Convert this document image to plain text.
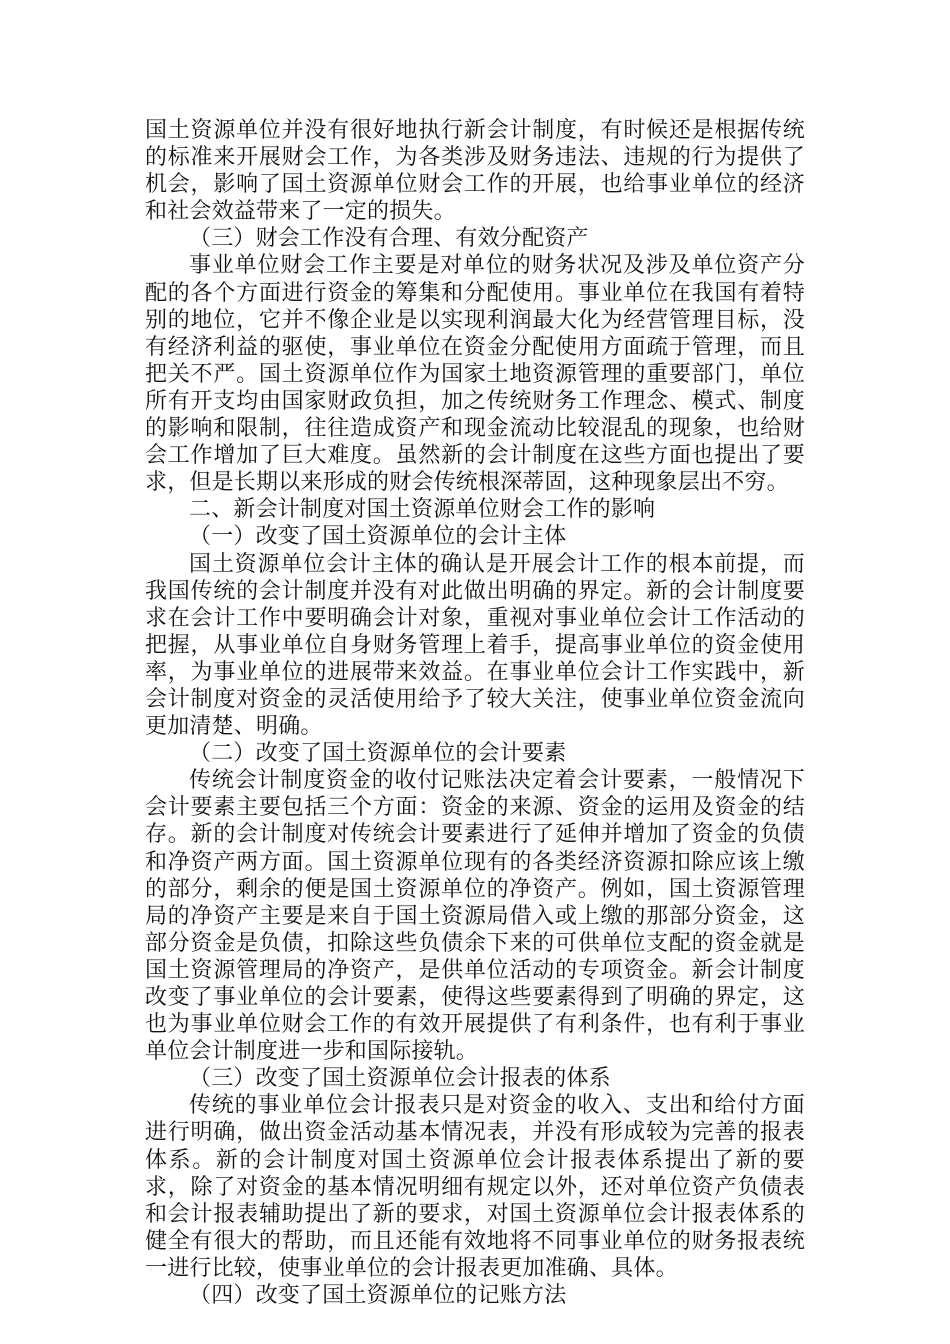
国土资源单位并没有很好地执行新会计制度，有时候还是根据传统的标准来开展财会工作，为各类涉及财务违法、违规的行为提供了机会，影响了国土资源单位财会工作的开展，也给事业单位的经济和社会效益带来了一定的损失。

（三）财会工作没有合理、有效分配资产

事业单位财会工作主要是对单位的财务状况及涉及单位资产分配的各个方面进行资金的筹集和分配使用。事业单位在我国有着特别的地位，它并不像企业是以实现利润最大化为经营管理目标，没有经济利益的驱使，事业单位在资金分配使用方面疏于管理，而且把关不严。国土资源单位作为国家土地资源管理的重要部门，单位所有开支均由国家财政负担，加之传统财务工作理念、模式、制度的影响和限制，往往造成资产和现金流动比较混乱的现象，也给财会工作增加了巨大难度。虽然新的会计制度在这些方面也提出了要求，但是长期以来形成的财会传统根深蒂固，这种现象层出不穷。

二、新会计制度对国土资源单位财会工作的影响

（一）改变了国土资源单位的会计主体

国土资源单位会计主体的确认是开展会计工作的根本前提，而我国传统的会计制度并没有对此做出明确的界定。新的会计制度要求在会计工作中要明确会计对象，重视对事业单位会计工作活动的把握，从事业单位自身财务管理上着手，提高事业单位的资金使用率，为事业单位的进展带来效益。在事业单位会计工作实践中，新会计制度对资金的灵活使用给予了较大关注，使事业单位资金流向更加清楚、明确。

（二）改变了国土资源单位的会计要素

传统会计制度资金的收付记账法决定着会计要素，一般情况下会计要素主要包括三个方面：资金的来源、资金的运用及资金的结存。新的会计制度对传统会计要素进行了延伸并增加了资金的负债和净资产两方面。国土资源单位现有的各类经济资源扣除应该上缴的部分，剩余的便是国土资源单位的净资产。例如，国土资源管理局的净资产主要是来自于国土资源局借入或上缴的那部分资金，这部分资金是负债，扣除这些负债余下来的可供单位支配的资金就是国土资源管理局的净资产，是供单位活动的专项资金。新会计制度改变了事业单位的会计要素，使得这些要素得到了明确的界定，这也为事业单位财会工作的有效开展提供了有利条件，也有利于事业单位会计制度进一步和国际接轨。

（三）改变了国土资源单位会计报表的体系

传统的事业单位会计报表只是对资金的收入、支出和给付方面进行明确，做出资金活动基本情况表，并没有形成较为完善的报表体系。新的会计制度对国土资源单位会计报表体系提出了新的要求，除了对资金的基本情况明细有规定以外，还对单位资产负债表和会计报表辅助提出了新的要求，对国土资源单位会计报表体系的健全有很大的帮助，而且还能有效地将不同事业单位的财务报表统一进行比较，使事业单位的会计报表更加准确、具体。

（四）改变了国土资源单位的记账方法
